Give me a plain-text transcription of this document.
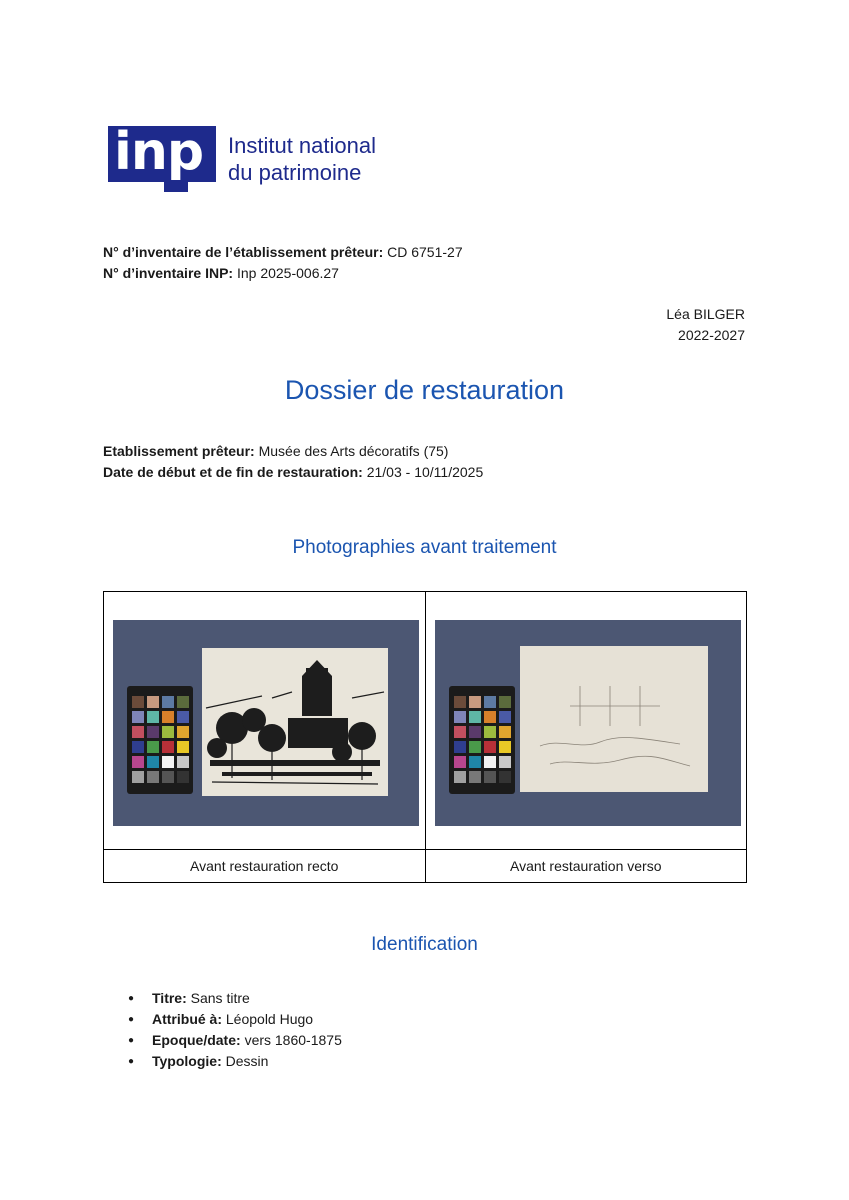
inp Institut national
du patrimoine
N° d’inventaire de l’établissement prêteur: CD 6751-27
N° d’inventaire INP: Inp 2025-006.27
Léa BILGER
2022-2027
Dossier de restauration
Etablissement prêteur: Musée des Arts décoratifs (75)
Date de début et de fin de restauration: 21/03 - 10/11/2025
Photographies avant traitement

Avant restauration recto	Avant restauration verso
Identification
● Titre: Sans titre
● Attribué à: Léopold Hugo
● Epoque/date: vers 1860-1875
● Typologie: Dessin
